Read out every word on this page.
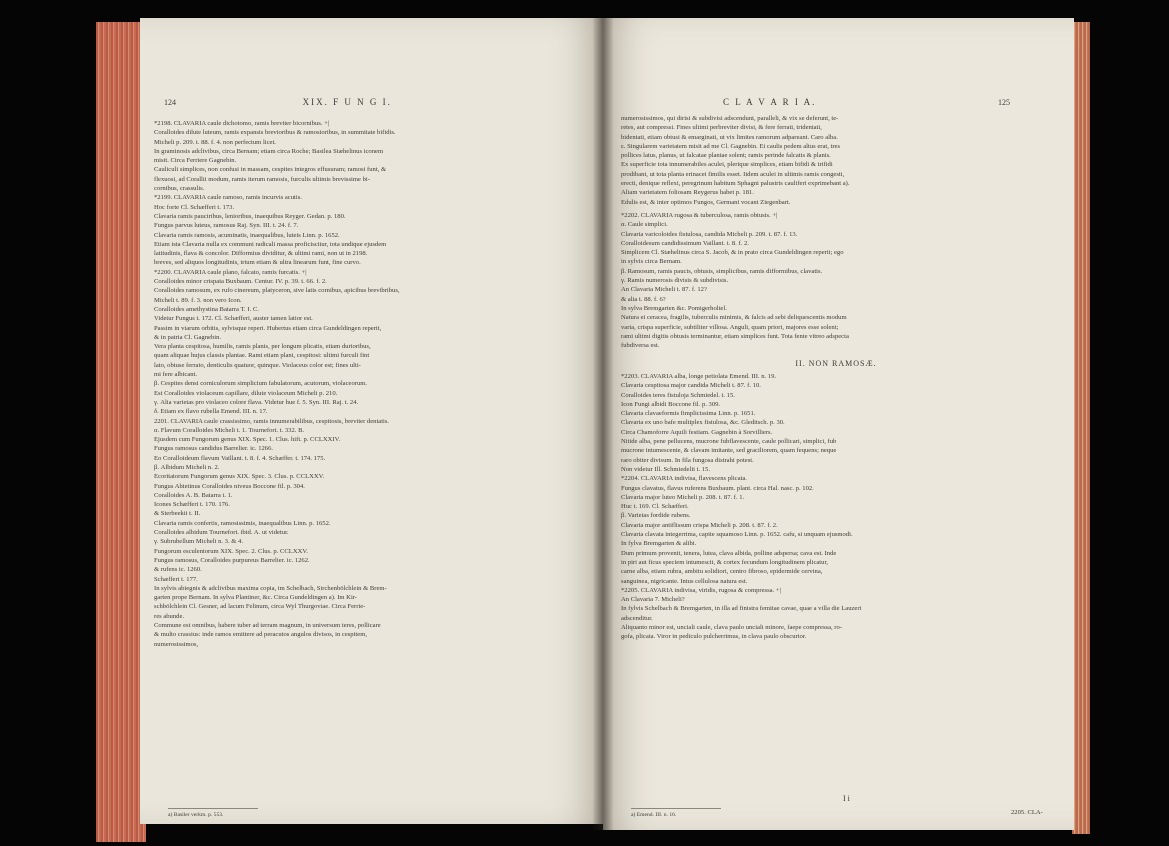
124	XIX. F U N G I.

*2198. CLAVARIA caule dichotomo, ramis breviter bicornibus. +|

Coralloides dilute luteum, ramis expansis brevioribus & ramosioribus, in summitate bifidis.

Micheli p. 209. t. 88. f. 4. non perfectum licet.

In graminosis adclivibus, circa Bernam; etiam circa Roche; Basilea Stæhelinus iconem

misit. Circa Ferriere Gagnebin.

Cauliculi simplices, non confusi in massam, cespites integros effusuram; ramosi funt, &

flexuosi, ad Corallii modum, ramis iterum ramosis, furculis ultimis brevissime bi-

cornibus, crassulis.

*2199. CLAVARIA caule ramoso, ramis incurvis acutis.

Hoc forte Cl. Schæfferi t. 173.

Clavaria ramis pauciribus, lenioribus, inaequibus Reyger. Gedan. p. 180.

Fungus parvus luteus, ramosus Raj. Syn. III. t. 24. f. 7.

Clavaria ramis ramosis, acuminatis, inaequalibus, luteis Linn. p. 1652.

Etiam ista Clavaria nulla ex communi radicali massa proficiscitur, tota undique ejusdem

latitudinis, flava & concolor. Difformius dividitur, & ultimi rami, non ut in 2198.

breves, sed aliquos longitudinis, trium etiam & ultra linearum funt, fine curvo.

*2200. CLAVARIA caule plano, falcato, ramis furcatis. +|

Coralloides minor crispata Buxbaum. Centur. IV. p. 39. t. 66. f. 2.

Coralloides ramosum, ex rufo cinereum, platyceron, sive latis cornibus, apicibus brevibribus,

Micheli t. 89. f. 3. non vero Icon.

Coralloides amethystina Batarra T. I. C.

Videtur Fungus t. 172. Cl. Schæfferi, auster tamen latior est.

Passim in viarum orbitis, sylvisque reperi. Hubertus etiam circa Gundeldingen reperit,

& in patria Cl. Gagnebin.

Vera planta cespitosa, humilis, ramis planis, per longum plicatis, etiam durioribus,

quam aliquae hujus classis plantae. Rami etiam plani, cespitosi: ultimi furculi fint

lato, obtuse ferrato, denticulis quatuor, quinque. Violaceus color est; fines ulti-

mi fere albicant.

β. Cespites densi corniculorum simplicium fabulatorum, acutorum, violaceorum.

Est Coralloides violaceum capillare, dilute violaceum Micheli p. 210.

γ. Alia varietas pro violaceo colore flava. Videtur hue f. 5. Syn. III. Raj. t. 24.

δ. Etiam ex flavo rubella Emend. III. n. 17.

2201. CLAVARIA caule crassissimo, ramis innumerabilibus, cespitosis, breviter dentatis.

α. Flavum Coralloides Micheli t. 1. Tournefort. t. 332. B.

Ejusdem cum Fungorum genus XIX. Spec. 1. Clus. hift. p. CCLXXIV.

Fungus ramosus candidus Barrelier. ic. 1266.

Eo Coralloideum flavum Vaillant. t. 8. f. 4. Schæffer. t. 174. 175.

β. Albidum Micheli n. 2.

Ecoritatorum Fungorum genus XIX. Spec. 3. Clus. p. CCLXXV.

Fungus Abietinus Coralloides niveus Boccone fil. p. 304.

Coralloides A. B. Batarra t. 1.

Icones Schæfferi t. 170. 176.

& Sterbeekii t. II.

Clavaria ramis confertis, ramosissimis, inaequalibus Linn. p. 1652.

Coralloides albidum Tournefort. ibid. A. ut videtur.

γ. Subrubellum Micheli n. 3. & 4.

Fungorum esculentorum XIX. Spec. 2. Clus. p. CCLXXV.

Fungus ramosus, Coralloides purpureus Barrelier. ic. 1262.

& rufens ic. 1260.

Schæfferi t. 177.

In sylvis abiegnis & adclivibus maxima copia, im Schelbach, Sirchenbölchlein & Brem-

garten prope Bernam. In sylva Plantiner, &c. Circa Gundeldingen a). Im Kir-

schbölchlein Cl. Gesner, ad lacum Felinum, circa Wyl Thurgoviae. Circa Ferrie-

res abunde.

Commune est omnibus, habere tuber ad terram magnum, in universum teres, pollicare

& multo crassius: inde ramos emittere ad peracutos angulos divisos, in cespitem,

numerosissimos,

a) Basiler verkm. p. 553.

C L A V A R I A.	125

numerosissimos, qui dirisi & subdivisi adscendunt, paralleli, & vix se deferunt, te-

retes, aut compressi. Fines ultimi perbreviter divisi, & fere ferrati, tridentati,

bidentati, etiam obtusi & emarginati, ut vix limites ramorum adpareant. Caro alba.

ε. Singularem varietatem misit ad me Cl. Gagnebin. Ei caulis pedem altus erat, tres

pollices latus, planus, ut falcatae plantae solent; ramis perinde falcatis & planis.

Ex superficie tota innumerabiles aculei, plerique simplices, etiam bifidi & trifidi

prodibant, ut tota planta erinacei fimilis esset. Iidem aculei in ultimis ramis congesti,

erecti, denique reflexi, peregrinum habitum Sphagni palustris cauliferi exprimebant a).

Aliam varietatem foliosam Reygerus habet p. 181.

Edulis est, & inter optimos Fungos, Germani vocant Ziegenbart.

*2202. CLAVARIA rugosa & tuberculosa, ramis obtusis. +|

α. Caule simplici.

Clavaria varicoloides fistulosa, candida Micheli p. 209. t. 87. f. 13.

Coralloidesum candidissimum Vaillant. t. 8. f. 2.

Simplicem Cl. Stæhelinus circa S. Jacob, & in prato circa Gundeldingen reperit; ego

in sylvis circa Bernam.

β. Ramosum, ramis paucis, obtusis, simplicibus, ramis difformibus, clavatis.

γ. Ramis numerosis divisis & subdivisis.

An Clavaria Micheli t. 87. f. 12?

& alia t. 88. f. 6?

In sylva Bremgarten &c. Pomigerholtel.

Natura ei ceracea, fragilis, tuberculis minimis, & falcis ad sebi deliquescentis modum

varia, crispa superficie, subtiliter villosa. Anguli, quam priori, majores esse solent;

rami ultimi digitis obtusis terminantur, etiam simplices funt. Tota fente vitreo adspecta

fubdiversa est.

II. NON RAMOSÆ.

*2203. CLAVARIA alba, longe petiolata Emend. III. n. 19.

Clavaria cespitosa major candida Micheli t. 87. f. 10.

Coralloides teres fistuloja Schmiedel. t. 15.

Icon Fungi albidi Boccone fil. p. 309.

Clavaria clavaeformis fimplicissima Linn. p. 1651.

Clavaria ex uno bafe multiplex fistulosa, &c. Gleditsch. p. 30.

Circa Chamoforre Aquili festiam. Gagnebin à Sorvilliers.

Nitide alba, pene pellucens, mucrone fubflavescente, caule pollicari, simplici, fub

mucrone intumescente, & clavam imitante, sed graciliorem, quam fequens; neque

raro obiter divisum. In fila fungosa distrahi potest.

Non videtur Ill. Schmiedelii t. 15.

*2204. CLAVARIA indivisa, flavescens plicata.

Fungus clavatus, flavus ruferens Buxbaum. plant. circa Hal. nasc. p. 102.

Clavaria major luteo Micheli p. 208. t. 87. f. 1.

Huc t. 169. Cl. Schæfferi.

β. Varietas fordide rubens.

Clavaria major antiflissum crispa Micheli p. 208. t. 87. f. 2.

Clavaria clavata integerrima, capite squamoso Linn. p. 1652. cafu, si unquam ejusmodi.

In fylva Bremgarten & alibi.

Dum primum provenit, tenera, lutea, clava albida, polline adspersa; cava est. Inde

in piri aut ficus speciem intumescit, & cortex fecundum longitudinem plicatur,

carne alba, etiam rubra, ambitu solidiori, centro fibroso, epidermide cervina,

sanguinea, nigricante. Intus cellulosa natura est.

*2205. CLAVARIA indivisa, viridis, rugosa & compressa. +|

An Clavaria 7. Micheli?

In fylvis Schelbach & Bremgarten, in illa ad finistra femitae cavae, quae a villa die Lauzeri

adscenditur.

Aliquanto minor est, unciali caule, clava paulo unciali minore, faepe compressa, ro-

gofa, plicata. Viror in pediculo pulcherrimus, in clava paulo obscurior.

a) Emend. III. n. 16.

I i

2205. CLA-
